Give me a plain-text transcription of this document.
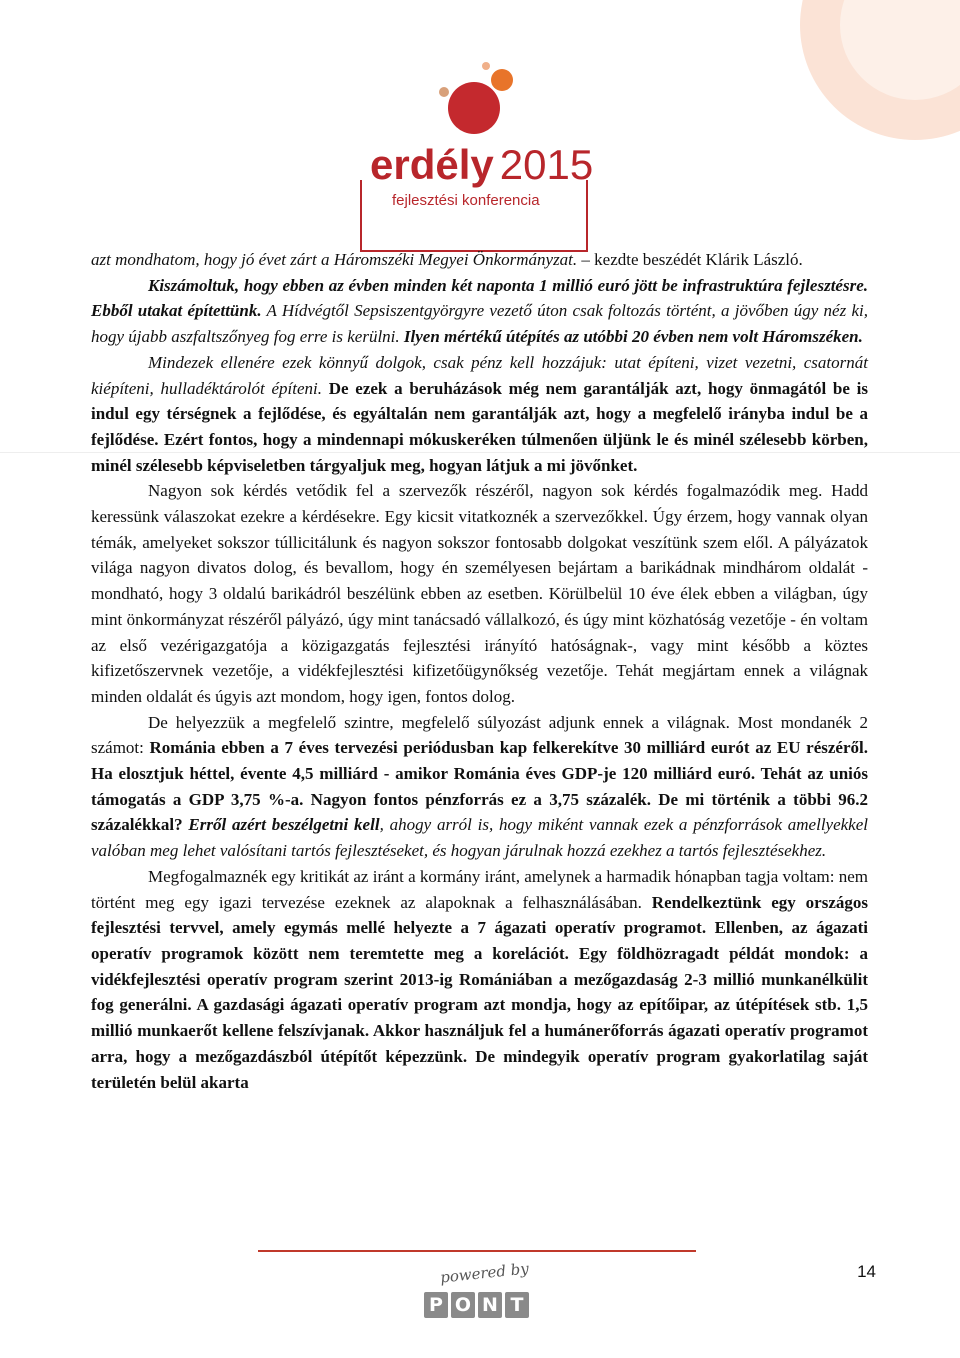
erdély 2015
fejlesztési konferencia

azt mondhatom, hogy jó évet zárt a Háromszéki Megyei Önkormányzat. – kezdte beszédét Klárik László.

Kiszámoltuk, hogy ebben az évben minden két naponta 1 millió euró jött be infrastruktúra fejlesztésre. Ebből utakat építettünk. A Hídvégtől Sepsiszentgyörgyre vezető úton csak foltozás történt, a jövőben úgy néz ki, hogy újabb aszfaltszőnyeg fog erre is kerülni. Ilyen mértékű útépítés az utóbbi 20 évben nem volt Háromszéken.

Mindezek ellenére ezek könnyű dolgok, csak pénz kell hozzájuk: utat építeni, vizet vezetni, csatornát kiépíteni, hulladéktárolót építeni. De ezek a beruházások még nem garantálják azt, hogy önmagától be is indul egy térségnek a fejlődése, és egyáltalán nem garantálják azt, hogy a megfelelő irányba indul be a fejlődése. Ezért fontos, hogy a mindennapi mókuskeréken túlmenően üljünk le és minél szélesebb körben, minél szélesebb képviseletben tárgyaljuk meg, hogyan látjuk a mi jövőnket.

Nagyon sok kérdés vetődik fel a szervezők részéről, nagyon sok kérdés fogalmazódik meg. Hadd keressünk válaszokat ezekre a kérdésekre. Egy kicsit vitatkoznék a szervezőkkel. Úgy érzem, hogy vannak olyan témák, amelyeket sokszor túllicitálunk és nagyon sokszor fontosabb dolgokat veszítünk szem elől. A pályázatok világa nagyon divatos dolog, és bevallom, hogy én személyesen bejártam a barikádnak mindhárom oldalát - mondható, hogy 3 oldalú barikádról beszélünk ebben az esetben. Körülbelül 10 éve élek ebben a világban, úgy mint önkormányzat részéről pályázó, úgy mint tanácsadó vállalkozó, és úgy mint közhatóság vezetője - én voltam az első vezérigazgatója a közigazgatás fejlesztési irányító hatóságnak-, vagy mint később a köztes kifizetőszervnek vezetője, a vidékfejlesztési kifizetőügynőkség vezetője. Tehát megjártam ennek a világnak minden oldalát és úgyis azt mondom, hogy igen, fontos dolog.

De helyezzük a megfelelő szintre, megfelelő súlyozást adjunk ennek a világnak. Most mondanék 2 számot: Románia ebben a 7 éves tervezési periódusban kap felkerekítve 30 milliárd eurót az EU részéről. Ha elosztjuk héttel, évente 4,5 milliárd - amikor Románia éves GDP-je 120 milliárd euró. Tehát az uniós támogatás a GDP 3,75 %-a. Nagyon fontos pénzforrás ez a 3,75 százalék. De mi történik a többi 96.2 százalékkal? Erről azért beszélgetni kell, ahogy arról is, hogy miként vannak ezek a pénzforrások amellyekkel valóban meg lehet valósítani tartós fejlesztéseket, és hogyan járulnak hozzá ezekhez a tartós fejlesztésekhez.

Megfogalmaznék egy kritikát az iránt a kormány iránt, amelynek a harmadik hónapban tagja voltam: nem történt meg egy igazi tervezése ezeknek az alapoknak a felhasználásában. Rendelkeztünk egy országos fejlesztési tervvel, amely egymás mellé helyezte a 7 ágazati operatív programot. Ellenben, az ágazati operatív programok között nem teremtette meg a korelációt. Egy földhözragadt példát mondok: a vidékfejlesztési operatív program szerint 2013-ig Romániában a mezőgazdaság 2-3 millió munkanélkülit fog generálni. A gazdasági ágazati operatív program azt mondja, hogy az epítőipar, az útépítések stb. 1,5 millió munkaerőt kellene felszívjanak. Akkor használjuk fel a humánerőforrás ágazati operatív programot arra, hogy a mezőgazdászból útépítőt képezzünk. De mindegyik operatív program gyakorlatilag saját területén belül akarta

powered by
P O N T
14
